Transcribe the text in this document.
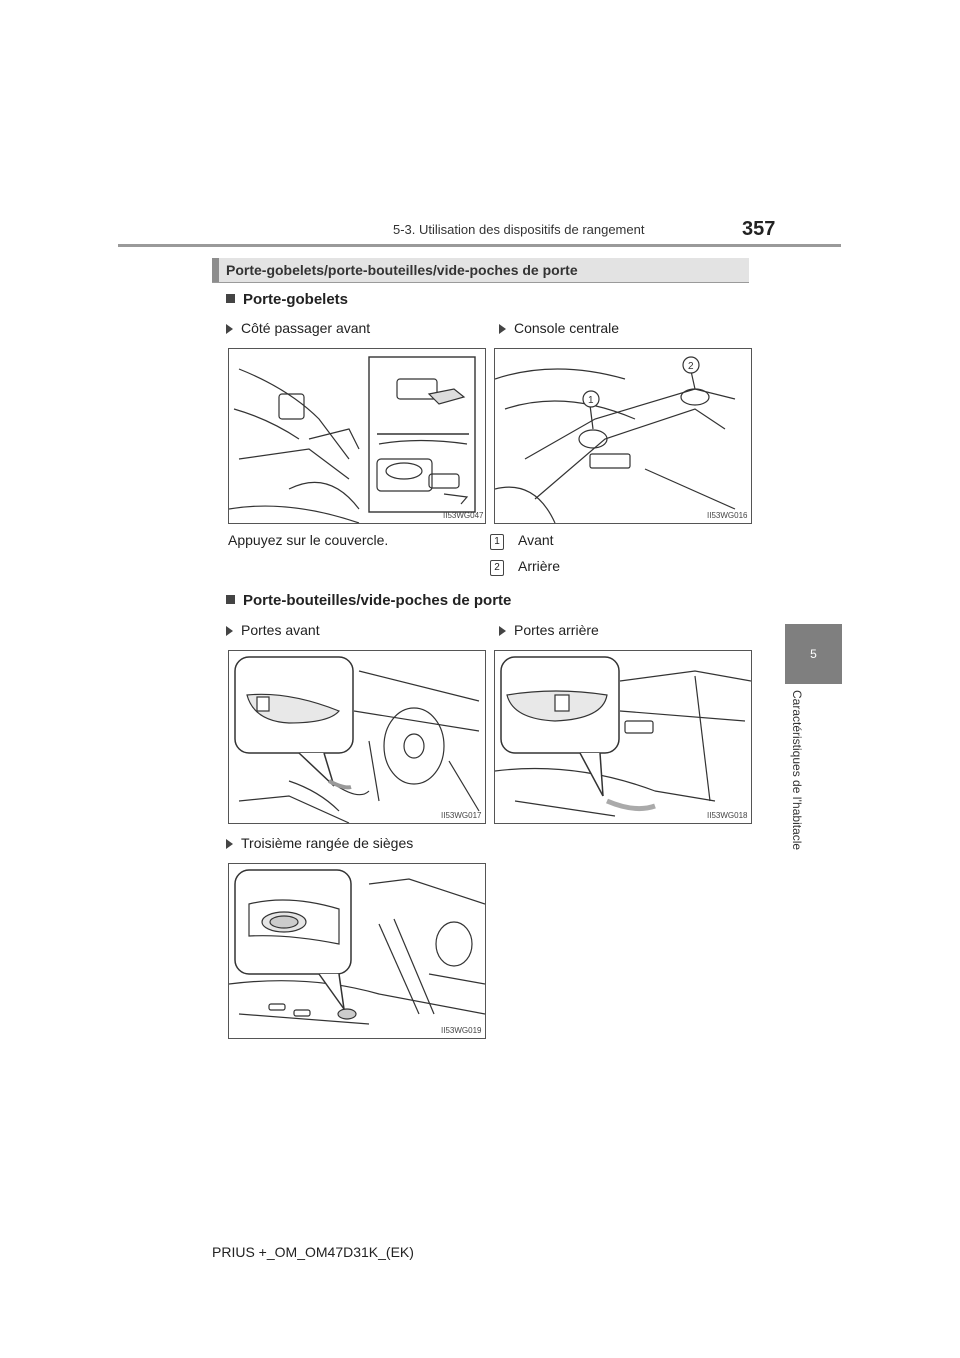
5-3. Utilisation des dispositifs de rangement	357
5
Caractéristiques de l’habitacle
Porte-gobelets/porte-bouteilles/vide-poches de porte
Porte-gobelets
Côté passager avant	Console centrale
II53WG047
1
2
II53WG016
Appuyez sur le couvercle.	1 Avant
2 Arrière
Porte-bouteilles/vide-poches de porte
Portes avant	Portes arrière
II53WG017	II53WG018
Troisième rangée de sièges
II53WG019
PRIUS +_OM_OM47D31K_(EK)
